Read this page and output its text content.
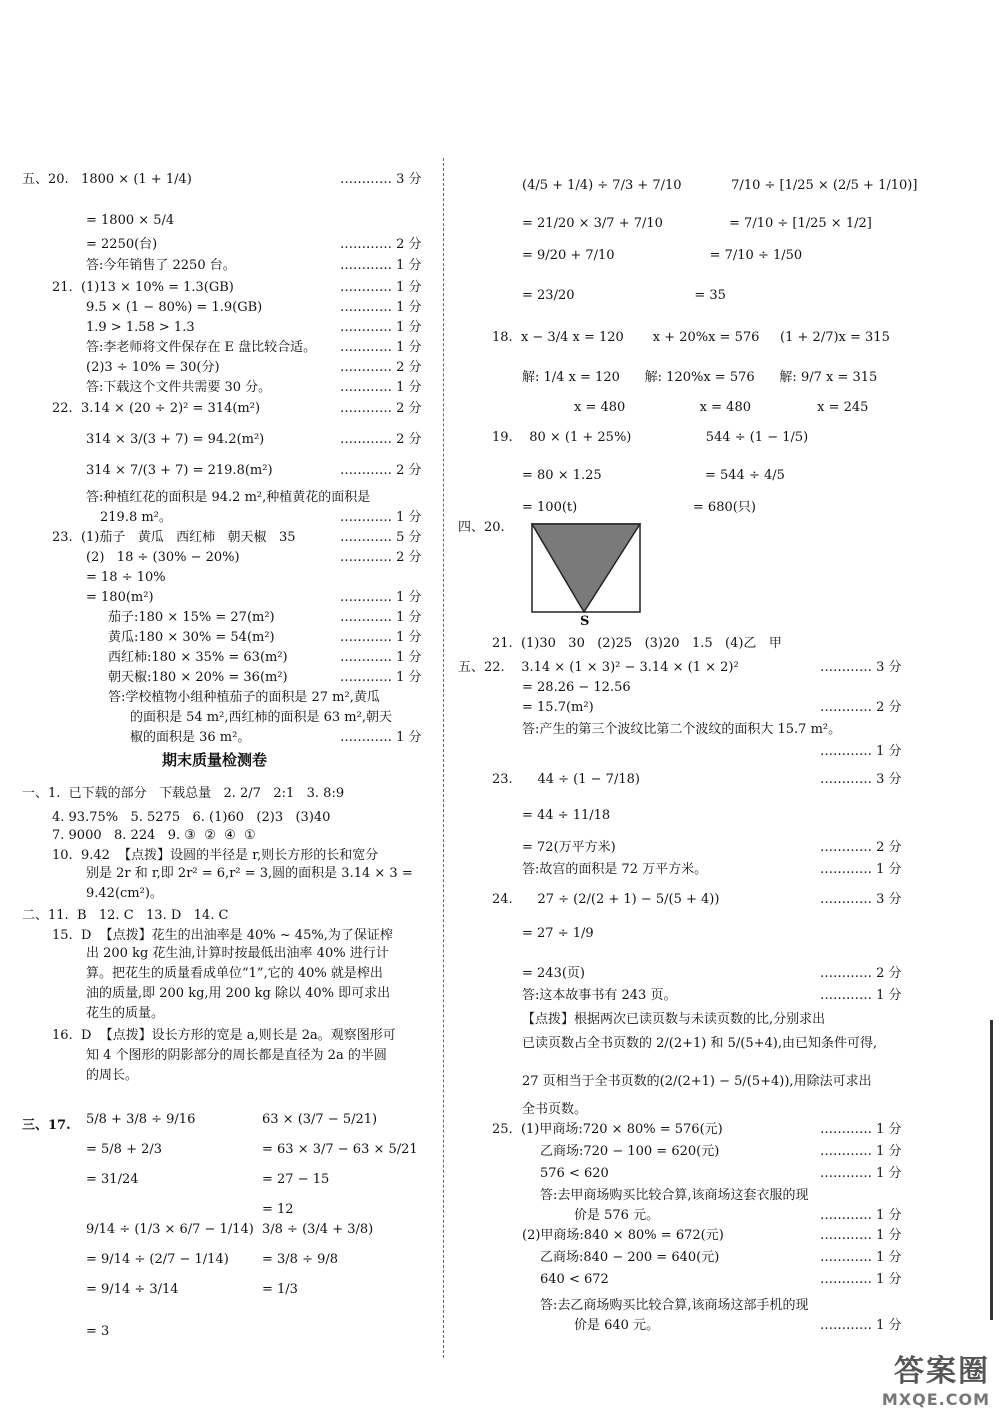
S
答案圈
MXQE.COM
五、20.   1800 × (1 + 1/4)	………… 3 分
= 1800 × 5/4
= 2250(台)	………… 2 分
答:今年销售了 2250 台。	………… 1 分
21.  (1)13 × 10% = 1.3(GB)	………… 1 分
9.5 × (1 − 80%) = 1.9(GB)	………… 1 分
1.9 > 1.58 > 1.3	………… 1 分
答:李老师将文件保存在 E 盘比较合适。 ………… 1 分
(2)3 ÷ 10% = 30(分)	………… 2 分
答:下载这个文件共需要 30 分。	………… 1 分
22.  3.14 × (20 ÷ 2)² = 314(m²)	………… 2 分
314 × 3/(3 + 7) = 94.2(m²)	………… 2 分
314 × 7/(3 + 7) = 219.8(m²)	………… 2 分
答:种植红花的面积是 94.2 m²,种植黄花的面积是
219.8 m²。	………… 1 分
23.  (1)茄子   黄瓜   西红柿   朝天椒   35	………… 5 分
(2)   18 ÷ (30% − 20%)	………… 2 分
= 18 ÷ 10%
= 180(m²)	………… 1 分
茄子:180 × 15% = 27(m²)	………… 1 分
黄瓜:180 × 30% = 54(m²)	………… 1 分
西红柿:180 × 35% = 63(m²)	………… 1 分
朝天椒:180 × 20% = 36(m²)	………… 1 分
答:学校植物小组种植茄子的面积是 27 m²,黄瓜
的面积是 54 m²,西红柿的面积是 63 m²,朝天
椒的面积是 36 m²。	………… 1 分
期末质量检测卷
一、1.  已下载的部分   下载总量   2. 2/7   2:1   3. 8:9
4. 93.75%   5. 5275   6. (1)60   (2)3   (3)40
7. 9000   8. 224   9. ③  ②  ④  ①
10.  9.42  【点拨】设圆的半径是 r,则长方形的长和宽分
别是 2r 和 r,即 2r² = 6,r² = 3,圆的面积是 3.14 × 3 =
9.42(cm²)。
二、11.  B   12. C   13. D   14. C
15.  D  【点拨】花生的出油率是 40% ~ 45%,为了保证榨
出 200 kg 花生油,计算时按最低出油率 40% 进行计
算。把花生的质量看成单位“1”,它的 40% 就是榨出
油的质量,即 200 kg,用 200 kg 除以 40% 即可求出
花生的质量。
16.  D  【点拨】设长方形的宽是 a,则长是 2a。观察图形可
知 4 个图形的阴影部分的周长都是直径为 2a 的半圆
的周长。
三、17. 5/8 + 3/8 ÷ 9/16
= 5/8 + 2/3
= 31/24
9/14 ÷ (1/3 × 6/7 − 1/14)
= 9/14 ÷ (2/7 − 1/14)
= 9/14 ÷ 3/14
= 3
63 × (3/7 − 5/21)
= 63 × 3/7 − 63 × 5/21
= 27 − 15
= 12
3/8 ÷ (3/4 + 3/8)
= 3/8 ÷ 9/8
= 1/3
(4/5 + 1/4) ÷ 7/3 + 7/10            7/10 ÷ [1/25 × (2/5 + 1/10)]
= 21/20 × 3/7 + 7/10                = 7/10 ÷ [1/25 × 1/2]
= 9/20 + 7/10                       = 7/10 ÷ 1/50
= 23/20                             = 35
18.  x − 3/4 x = 120       x + 20%x = 576     (1 + 2/7)x = 315
解: 1/4 x = 120      解: 120%x = 576      解: 9/7 x = 315
x = 480                  x = 480                x = 245
19.    80 × (1 + 25%)                  544 ÷ (1 − 1/5)
= 80 × 1.25                         = 544 ÷ 4/5
= 100(t)                            = 680(只)
四、20.
21.  (1)30   30   (2)25   (3)20   1.5   (4)乙   甲
五、22.    3.14 × (1 × 3)² − 3.14 × (1 × 2)²	………… 3 分
= 28.26 − 12.56
= 15.7(m²)	………… 2 分
答:产生的第三个波纹比第二个波纹的面积大 15.7 m²。
………… 1 分
23.      44 ÷ (1 − 7/18)	………… 3 分
= 44 ÷ 11/18
= 72(万平方米)	………… 2 分
答:故宫的面积是 72 万平方米。	………… 1 分
24.      27 ÷ (2/(2 + 1) − 5/(5 + 4))	………… 3 分
= 27 ÷ 1/9
= 243(页)	………… 2 分
答:这本故事书有 243 页。	………… 1 分
【点拨】根据两次已读页数与未读页数的比,分别求出
已读页数占全书页数的 2/(2+1) 和 5/(5+4),由已知条件可得,
27 页相当于全书页数的(2/(2+1) − 5/(5+4)),用除法可求出
全书页数。
25.  (1)甲商场:720 × 80% = 576(元)	………… 1 分
乙商场:720 − 100 = 620(元)	………… 1 分
576 < 620	………… 1 分
答:去甲商场购买比较合算,该商场这套衣服的现
价是 576 元。	………… 1 分
(2)甲商场:840 × 80% = 672(元)	………… 1 分
乙商场:840 − 200 = 640(元)	………… 1 分
640 < 672	………… 1 分
答:去乙商场购买比较合算,该商场这部手机的现
价是 640 元。	………… 1 分
